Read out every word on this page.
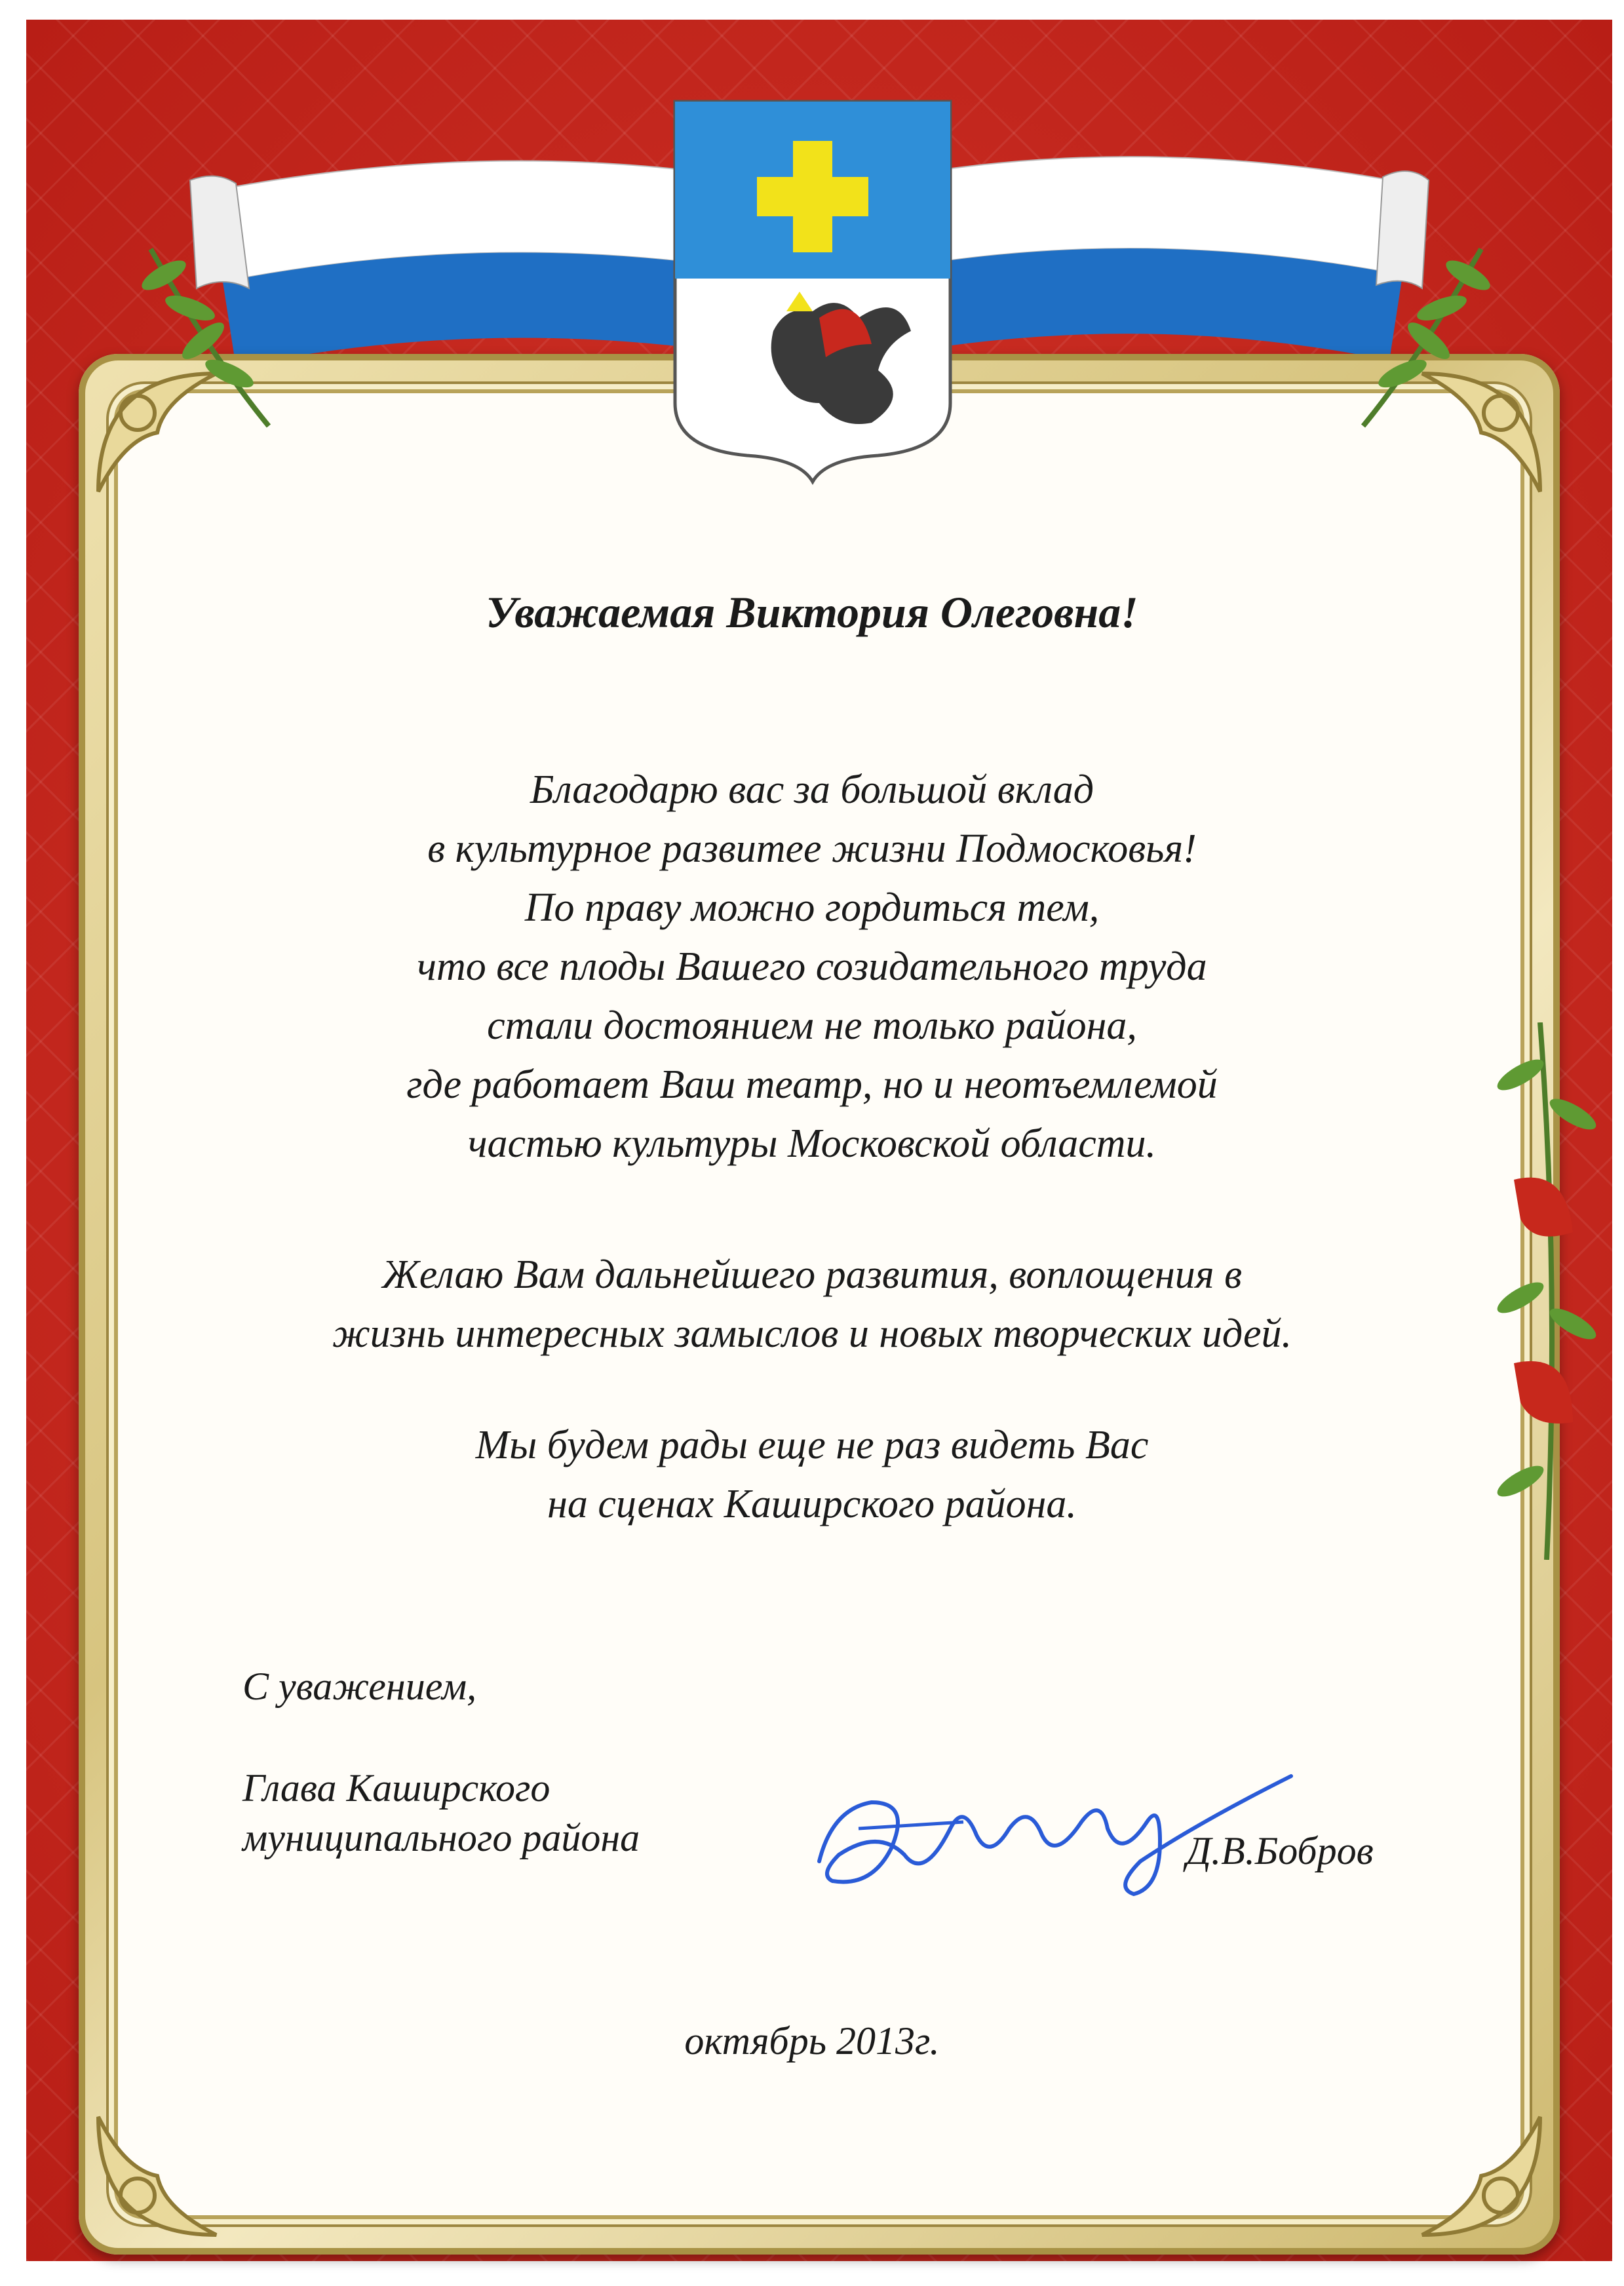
Уважаемая Виктория Олеговна!
Благодарю вас за большой вклад
в культурное развитее жизни Подмосковья!
По праву можно гордиться тем,
что все плоды Вашего созидательного труда
стали достоянием не только района,
где работает Ваш театр, но и неотъемлемой
частью культуры Московской области.
Желаю Вам дальнейшего развития, воплощения в
жизнь интересных замыслов и новых творческих идей.
Мы будем рады еще не раз видеть Вас
на сценах Каширского района.
С уважением,
Глава Каширского
муниципального района	Д.В.Бобров
октябрь 2013г.
